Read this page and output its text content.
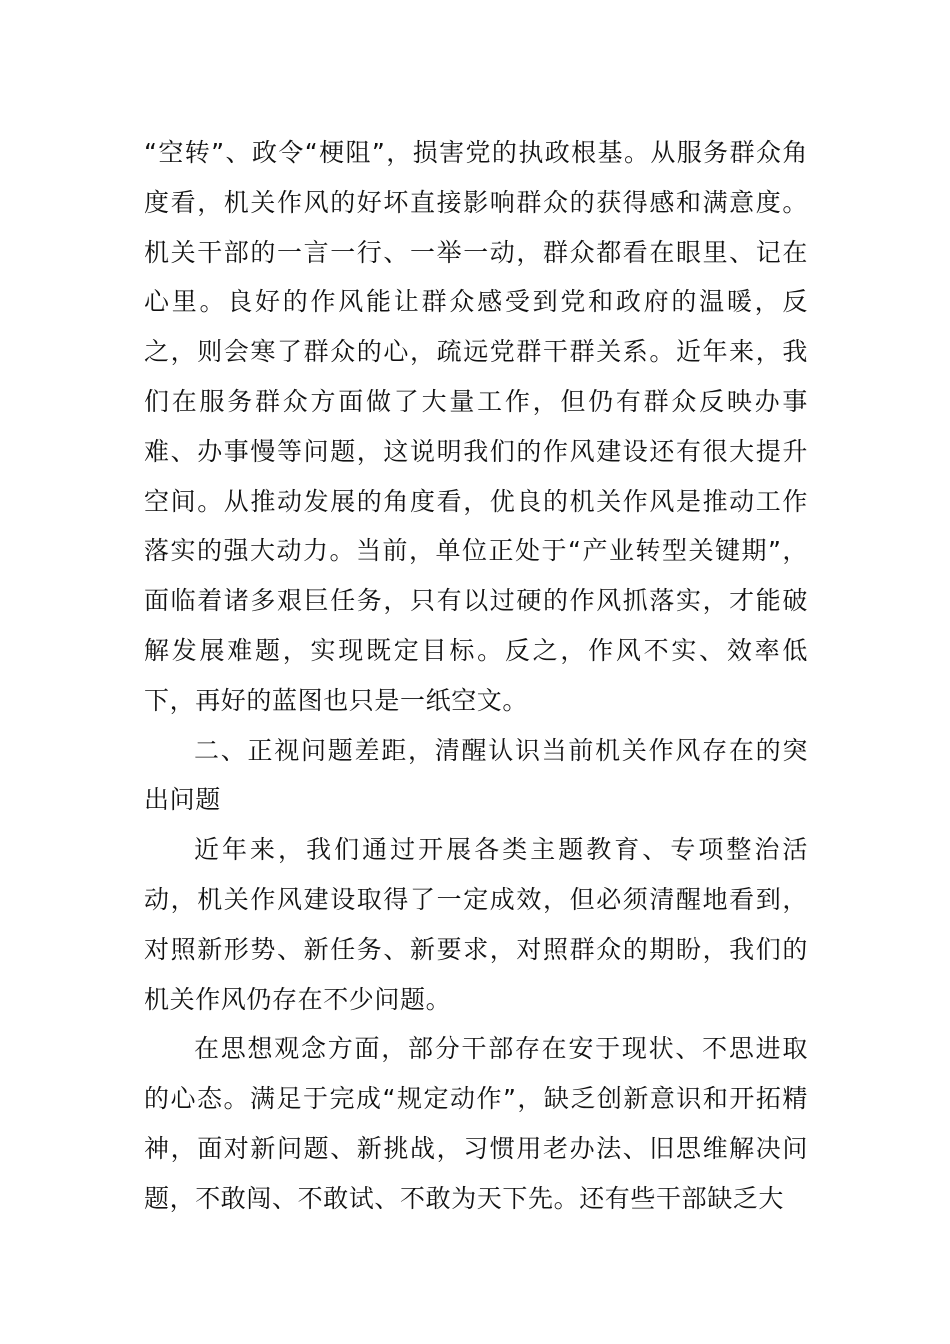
“空转”、政令“梗阻”，损害党的执政根基。从服务群众角度看，机关作风的好坏直接影响群众的获得感和满意度。机关干部的一言一行、一举一动，群众都看在眼里、记在心里。良好的作风能让群众感受到党和政府的温暖，反之，则会寒了群众的心，疏远党群干群关系。近年来，我们在服务群众方面做了大量工作，但仍有群众反映办事难、办事慢等问题，这说明我们的作风建设还有很大提升空间。从推动发展的角度看，优良的机关作风是推动工作落实的强大动力。当前，单位正处于“产业转型关键期”，面临着诸多艰巨任务，只有以过硬的作风抓落实，才能破解发展难题，实现既定目标。反之，作风不实、效率低下，再好的蓝图也只是一纸空文。

二、正视问题差距，清醒认识当前机关作风存在的突出问题

近年来，我们通过开展各类主题教育、专项整治活动，机关作风建设取得了一定成效，但必须清醒地看到，对照新形势、新任务、新要求，对照群众的期盼，我们的机关作风仍存在不少问题。

在思想观念方面，部分干部存在安于现状、不思进取的心态。满足于完成“规定动作”，缺乏创新意识和开拓精神，面对新问题、新挑战，习惯用老办法、旧思维解决问题，不敢闯、不敢试、不敢为天下先。还有些干部缺乏大
